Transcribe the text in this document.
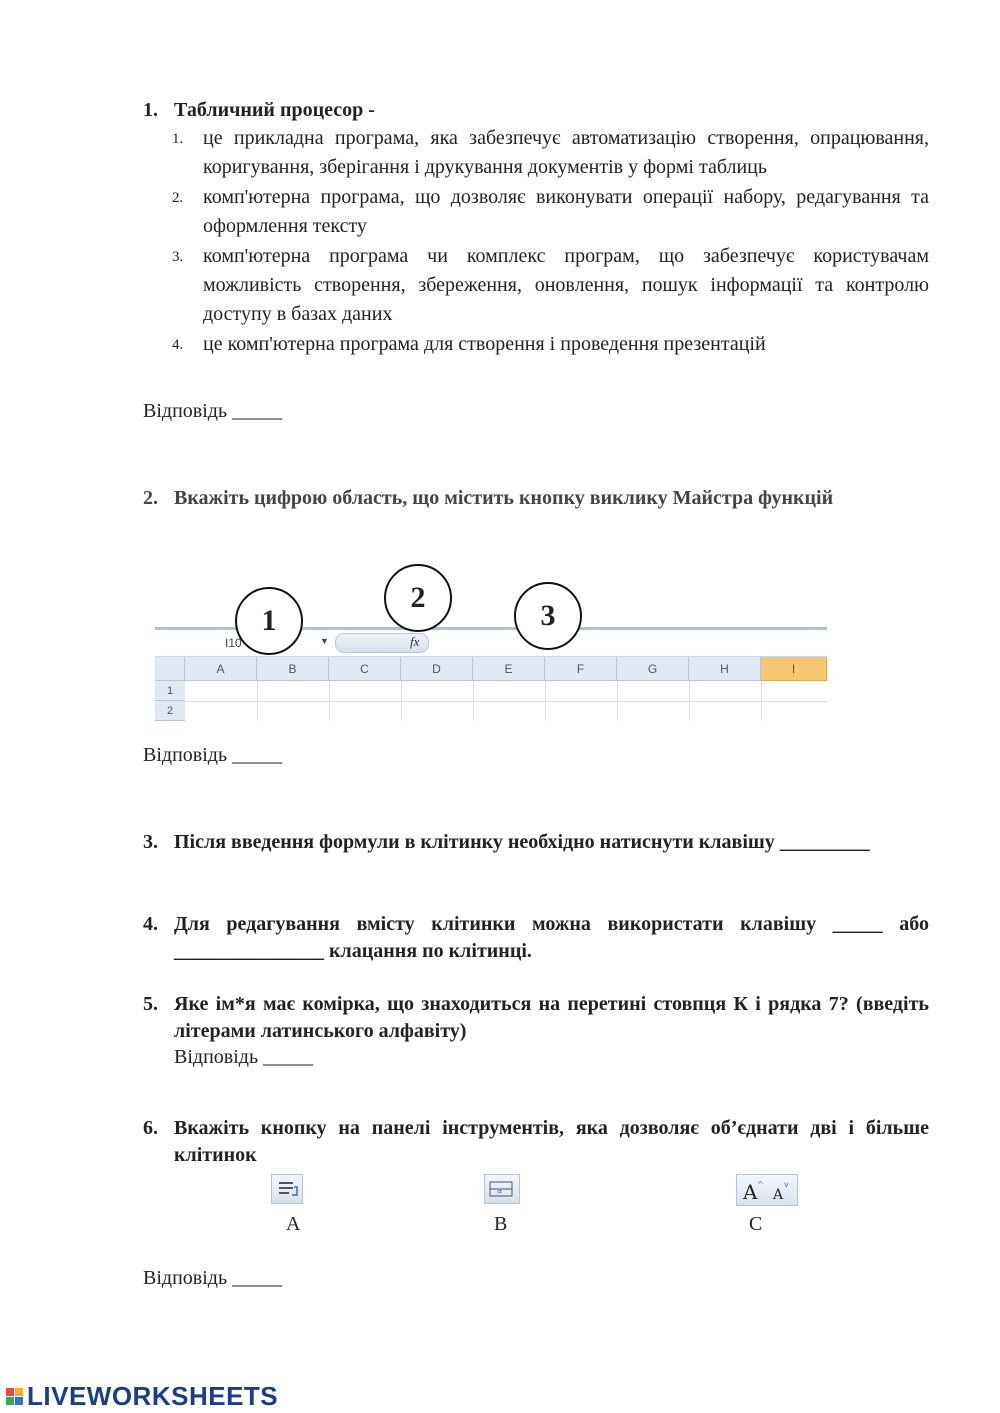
1. Табличний процесор -
1. це прикладна програма, яка забезпечує автоматизацію створення, опрацювання, коригування, зберігання і друкування документів у формі таблиць
2. комп'ютерна програма, що дозволяє виконувати операції набору, редагування та оформлення тексту
3. комп'ютерна програма чи комплекс програм, що забезпечує користувачам можливість створення, збереження, оновлення, пошук інформації та контролю доступу в базах даних
4. це комп'ютерна програма для створення і проведення презентацій
Відповідь _____
2. Вкажіть цифрою область, що містить кнопку виклику Майстра функцій
I10	▼	fx
1
2
3
A	B	C	D	E	F	G	H	I
1
2
Відповідь _____
3. Після введення формули в клітинку необхідно натиснути клавішу _________
4. Для редагування вмісту клітинки можна використати клавішу _____ або _______________ клацання по клітинці.
5. Яке ім*я має комірка, що знаходиться на перетині стовпця К і рядка 7? (введіть літерами латинського алфавіту)
Відповідь _____
6. Вкажіть кнопку на панелі інструментів, яка дозволяє об’єднати дві і більше клітинок
a	A ^
A
v
A	B	C
Відповідь _____
LIVEWORKSHEETS
